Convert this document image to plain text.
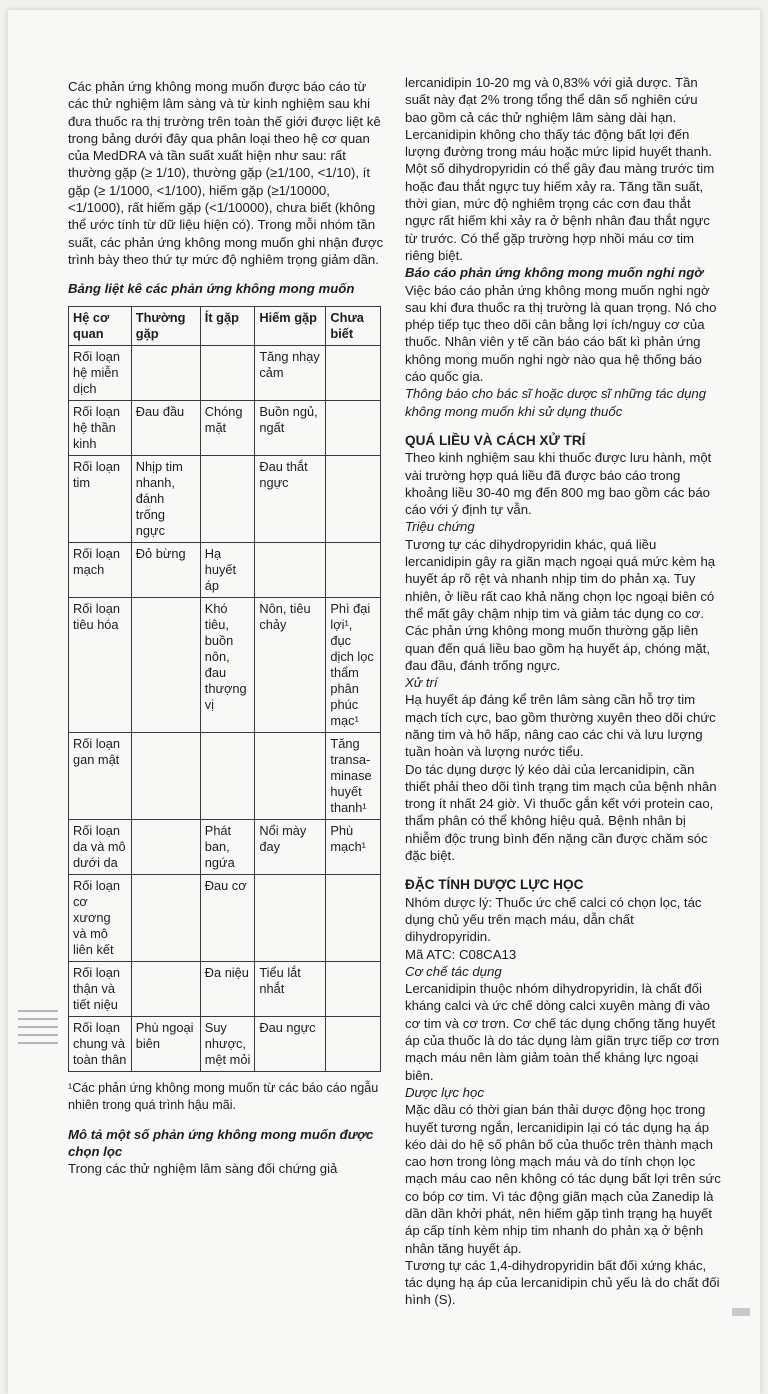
Các phản ứng không mong muốn được báo cáo từ các thử nghiệm lâm sàng và từ kinh nghiệm sau khi đưa thuốc ra thị trường trên toàn thế giới được liệt kê trong bảng dưới đây qua phân loại theo hệ cơ quan của MedDRA và tần suất xuất hiện như sau: rất thường gặp (≥ 1/10), thường gặp (≥1/100, <1/10), ít gặp (≥ 1/1000, <1/100), hiếm gặp (≥1/10000, <1/1000), rất hiếm gặp (<1/10000), chưa biết (không thể ước tính từ dữ liệu hiện có). Trong mỗi nhóm tần suất, các phản ứng không mong muốn ghi nhận được trình bày theo thứ tự mức độ nghiêm trọng giảm dần.

Bảng liệt kê các phản ứng không mong muốn

Hệ cơ quan	Thường gặp	Ít gặp	Hiếm gặp	Chưa biết
Rối loạn hệ miễn dịch			Tăng nhạy cảm	
Rối loạn hệ thần kinh	Đau đầu	Chóng mặt	Buồn ngủ, ngất	
Rối loạn tim	Nhịp tim nhanh, đánh trống ngực		Đau thắt ngực	
Rối loạn mạch	Đỏ bừng	Hạ huyết áp		
Rối loạn tiêu hóa		Khó tiêu, buồn nôn, đau thượng vị	Nôn, tiêu chảy	Phì đại lợi¹, đục dịch lọc thẩm phân phúc mạc¹
Rối loạn gan mật				Tăng transa- minase huyết thanh¹
Rối loạn da và mô dưới da		Phát ban, ngứa	Nổi mày đay	Phù mạch¹
Rối loạn cơ xương và mô liên kết		Đau cơ		
Rối loạn thận và tiết niệu		Đa niệu	Tiểu lắt nhắt	
Rối loạn chung và toàn thân	Phù ngoại biên	Suy nhược, mệt mỏi	Đau ngực	

¹Các phản ứng không mong muốn từ các báo cáo ngẫu nhiên trong quá trình hậu mãi.

Mô tả một số phản ứng không mong muốn được chọn lọc

Trong các thử nghiệm lâm sàng đối chứng giả

lercanidipin 10-20 mg và 0,83% với giả dược. Tần suất này đạt 2% trong tổng thể dân số nghiên cứu bao gồm cả các thử nghiệm lâm sàng dài hạn.

Lercanidipin không cho thấy tác động bất lợi đến lượng đường trong máu hoặc mức lipid huyết thanh.

Một số dihydropyridin có thể gây đau màng trước tim hoặc đau thắt ngực tuy hiếm xảy ra. Tăng tần suất, thời gian, mức độ nghiêm trọng các cơn đau thắt ngực rất hiếm khi xảy ra ở bệnh nhân đau thắt ngực từ trước. Có thể gặp trường hợp nhồi máu cơ tim riêng biệt.

Báo cáo phản ứng không mong muốn nghi ngờ

Việc báo cáo phản ứng không mong muốn nghi ngờ sau khi đưa thuốc ra thị trường là quan trọng. Nó cho phép tiếp tục theo dõi cân bằng lợi ích/nguy cơ của thuốc. Nhân viên y tế cần báo cáo bất kì phản ứng không mong muốn nghi ngờ nào qua hệ thống báo cáo quốc gia.

Thông báo cho bác sĩ hoặc dược sĩ những tác dụng không mong muốn khi sử dụng thuốc

QUÁ LIỀU VÀ CÁCH XỬ TRÍ

Theo kinh nghiệm sau khi thuốc được lưu hành, một vài trường hợp quá liều đã được báo cáo trong khoảng liều 30-40 mg đến 800 mg bao gồm các báo cáo với ý định tự vẫn.

Triệu chứng

Tương tự các dihydropyridin khác, quá liều lercanidipin gây ra giãn mạch ngoại quá mức kèm hạ huyết áp rõ rệt và nhanh nhịp tim do phản xạ. Tuy nhiên, ở liều rất cao khả năng chọn lọc ngoại biên có thể mất gây chậm nhịp tim và giảm tác dụng co cơ. Các phản ứng không mong muốn thường gặp liên quan đến quá liều bao gồm hạ huyết áp, chóng mặt, đau đầu, đánh trống ngực.

Xử trí

Hạ huyết áp đáng kể trên lâm sàng cần hỗ trợ tim mạch tích cực, bao gồm thường xuyên theo dõi chức năng tim và hô hấp, nâng cao các chi và lưu lượng tuần hoàn và lượng nước tiểu.

Do tác dụng dược lý kéo dài của lercanidipin, cần thiết phải theo dõi tình trạng tim mạch của bệnh nhân trong ít nhất 24 giờ. Vì thuốc gắn kết với protein cao, thẩm phân có thể không hiệu quả. Bệnh nhân bị nhiễm độc trung bình đến nặng cần được chăm sóc đặc biệt.

ĐẶC TÍNH DƯỢC LỰC HỌC

Nhóm dược lý: Thuốc ức chế calci có chọn lọc, tác dụng chủ yếu trên mạch máu, dẫn chất dihydropyridin.

Mã ATC: C08CA13

Cơ chế tác dụng

Lercanidipin thuộc nhóm dihydropyridin, là chất đối kháng calci và ức chế dòng calci xuyên màng đi vào cơ tim và cơ trơn. Cơ chế tác dụng chống tăng huyết áp của thuốc là do tác dụng làm giãn trực tiếp cơ trơn mạch máu nên làm giảm toàn thể kháng lực ngoại biên.

Dược lực học

Mặc dầu có thời gian bán thải dược động học trong huyết tương ngắn, lercanidipin lại có tác dụng hạ áp kéo dài do hệ số phân bố của thuốc trên thành mạch cao hơn trong lòng mạch máu và do tính chọn lọc mạch máu cao nên không có tác dụng bất lợi trên sức co bóp cơ tim. Vì tác động giãn mạch của Zanedip là dần dần khởi phát, nên hiếm gặp tình trạng hạ huyết áp cấp tính kèm nhịp tim nhanh do phản xạ ở bệnh nhân tăng huyết áp.

Tương tự các 1,4-dihydropyridin bất đối xứng khác, tác dụng hạ áp của lercanidipin chủ yếu là do chất đối hình (S).
